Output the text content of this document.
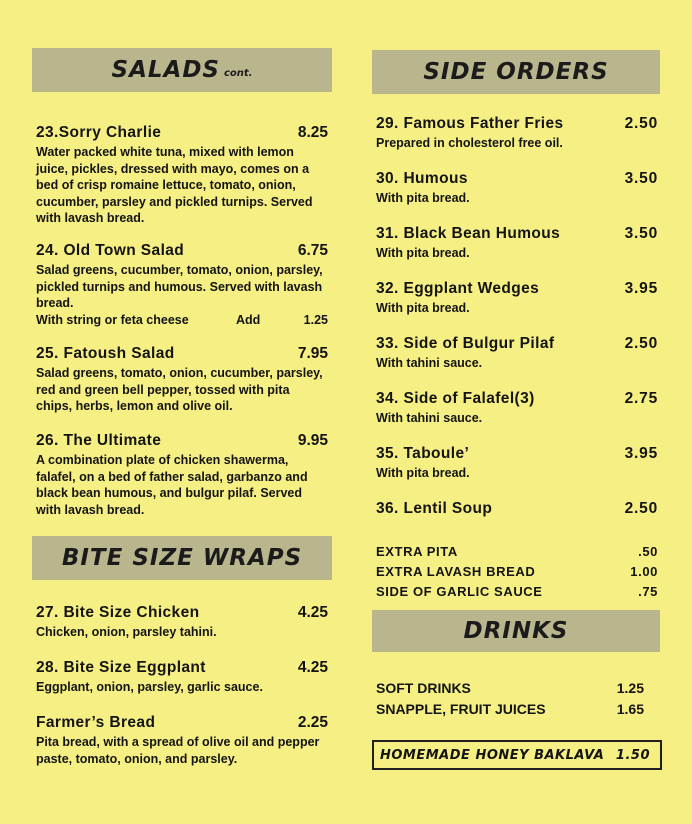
SALADS cont.
23.Sorry Charlie	8.25
Water packed white tuna, mixed with lemon juice, pickles, dressed with mayo, comes on a bed of crisp romaine lettuce, tomato, onion, cucumber, parsley and pickled turnips. Served with lavash bread.
24. Old Town Salad	6.75
Salad greens, cucumber, tomato, onion, parsley, pickled turnips and humous. Served with lavash bread.
With string or feta cheese	Add	1.25
25. Fatoush Salad	7.95
Salad greens, tomato, onion, cucumber, parsley, red and green bell pepper, tossed with pita chips, herbs, lemon and olive oil.
26. The Ultimate	9.95
A combination plate of chicken shawerma, falafel, on a bed of father salad, garbanzo and black bean humous, and bulgur pilaf. Served with lavash bread.
BITE SIZE WRAPS
27. Bite Size Chicken	4.25
Chicken, onion, parsley tahini.
28. Bite Size Eggplant	4.25
Eggplant, onion, parsley, garlic sauce.
Farmer’s Bread	2.25
Pita bread, with a spread of olive oil and pepper paste, tomato, onion, and parsley.
SIDE ORDERS
29. Famous Father Fries	2.50
Prepared in cholesterol free oil.
30. Humous	3.50
With pita bread.
31. Black Bean Humous	3.50
With pita bread.
32. Eggplant Wedges	3.95
With pita bread.
33. Side of Bulgur Pilaf	2.50
With tahini sauce.
34. Side of Falafel(3)	2.75
With tahini sauce.
35. Taboule’	3.95
With pita bread.
36. Lentil Soup	2.50
EXTRA PITA	.50
EXTRA LAVASH BREAD	1.00
SIDE OF GARLIC SAUCE	.75
DRINKS
SOFT DRINKS	1.25
SNAPPLE, FRUIT JUICES	1.65
HOMEMADE HONEY BAKLAVA 1.50
